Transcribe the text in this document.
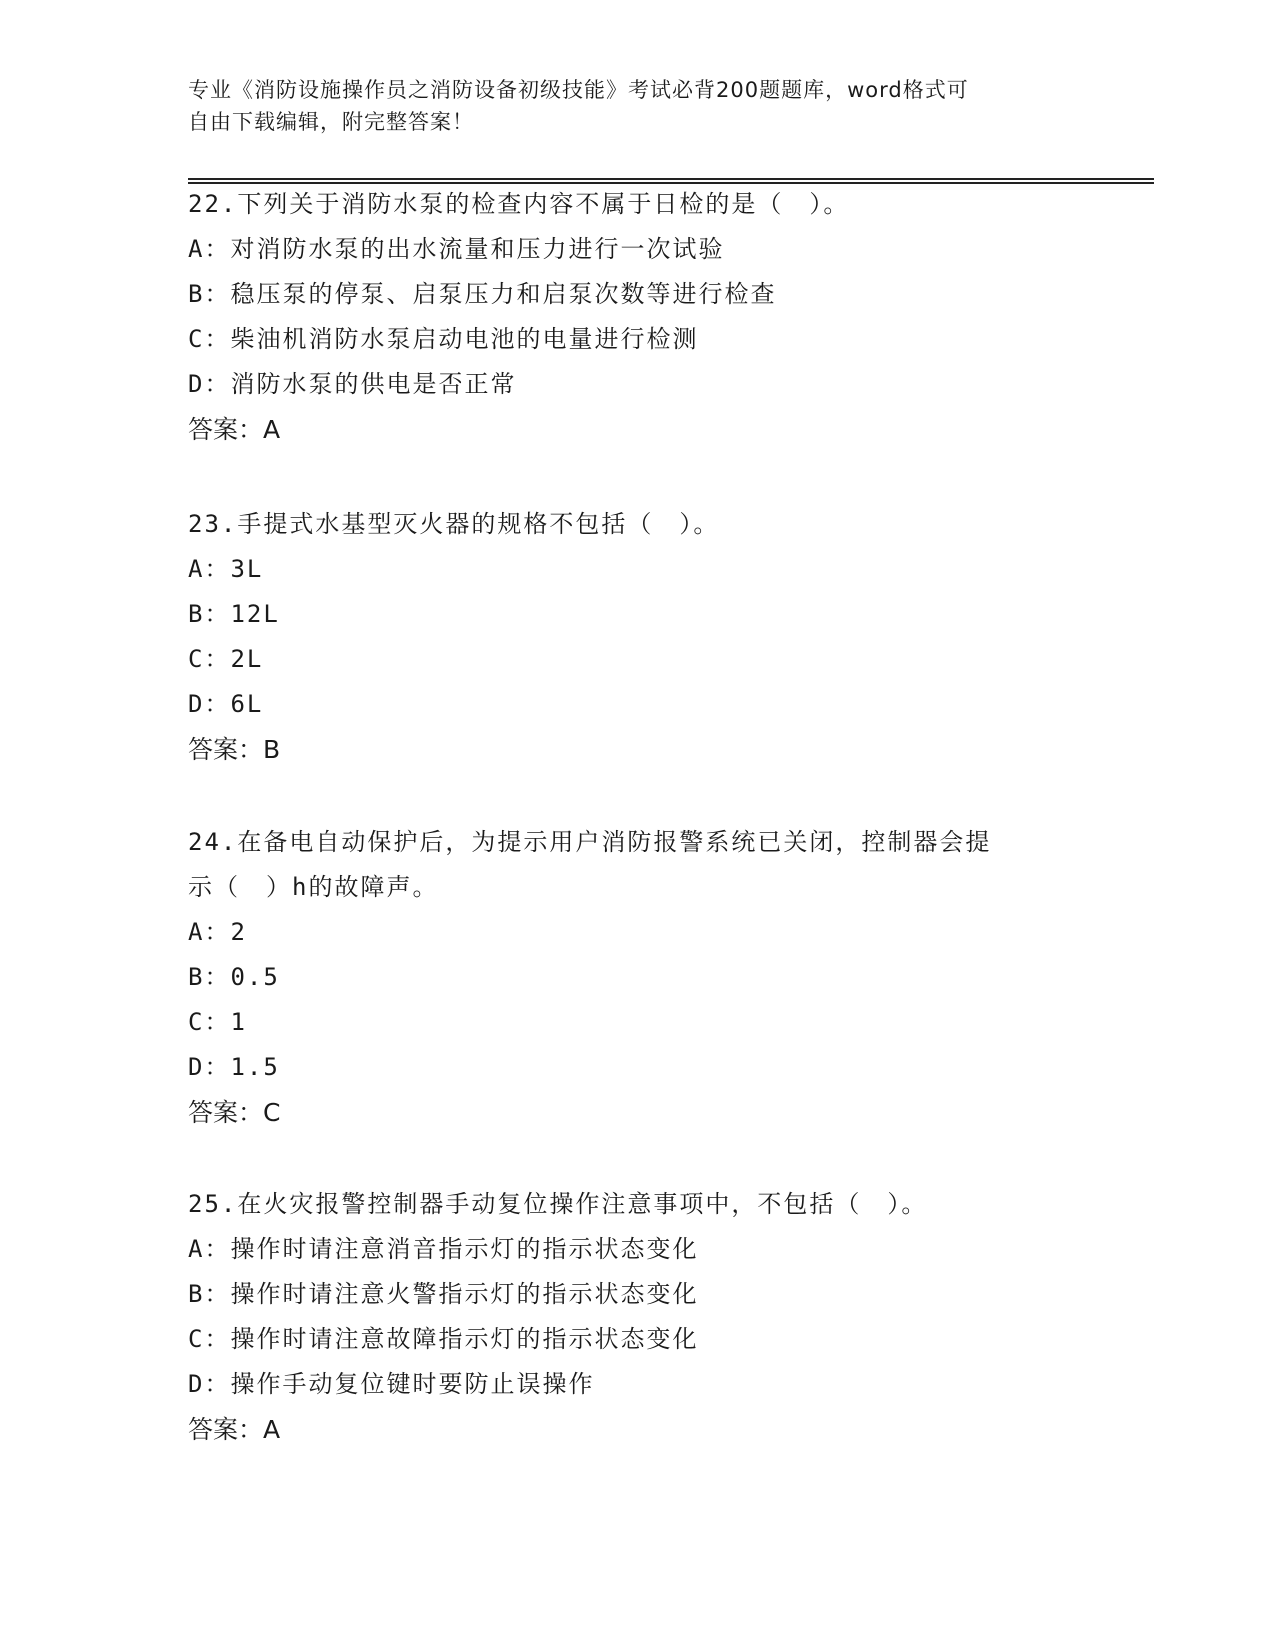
专业《消防设施操作员之消防设备初级技能》考试必背200题题库，word格式可
自由下载编辑，附完整答案！

22.下列关于消防水泵的检查内容不属于日检的是（　）。

A：对消防水泵的出水流量和压力进行一次试验

B：稳压泵的停泵、启泵压力和启泵次数等进行检查

C：柴油机消防水泵启动电池的电量进行检测

D：消防水泵的供电是否正常

答案：A

23.手提式水基型灭火器的规格不包括（　）。

A：3L

B：12L

C：2L

D：6L

答案：B

24.在备电自动保护后，为提示用户消防报警系统已关闭，控制器会提

示（　）h的故障声。

A：2

B：0.5

C：1

D：1.5

答案：C

25.在火灾报警控制器手动复位操作注意事项中，不包括（　）。

A：操作时请注意消音指示灯的指示状态变化

B：操作时请注意火警指示灯的指示状态变化

C：操作时请注意故障指示灯的指示状态变化

D：操作手动复位键时要防止误操作

答案：A
